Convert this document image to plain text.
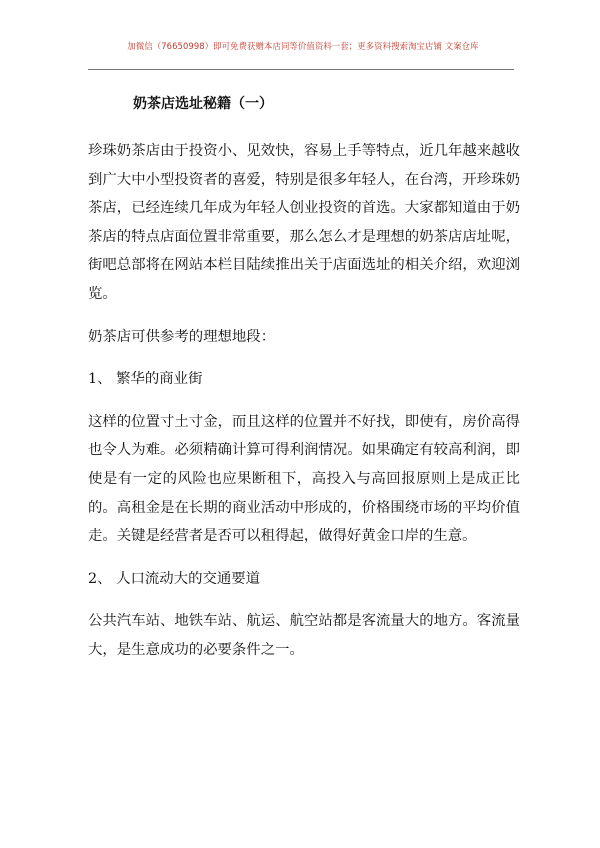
加微信（76650998）即可免费获赠本店同等价值资料一套；更多资料搜索淘宝店铺 文案仓库
奶茶店选址秘籍（一）

珍珠奶茶店由于投资小、见效快，容易上手等特点，近几年越来越收到广大中小型投资者的喜爱，特别是很多年轻人，在台湾，开珍珠奶茶店，已经连续几年成为年轻人创业投资的首选。大家都知道由于奶茶店的特点店面位置非常重要，那么怎么才是理想的奶茶店店址呢，街吧总部将在网站本栏目陆续推出关于店面选址的相关介绍，欢迎浏览。

奶茶店可供参考的理想地段：

1、 繁华的商业街

这样的位置寸土寸金，而且这样的位置并不好找，即使有，房价高得也令人为难。必须精确计算可得利润情况。如果确定有较高利润，即使是有一定的风险也应果断租下，高投入与高回报原则上是成正比的。高租金是在长期的商业活动中形成的，价格围绕市场的平均价值走。关键是经营者是否可以租得起，做得好黄金口岸的生意。

2、 人口流动大的交通要道

公共汽车站、地铁车站、航运、航空站都是客流量大的地方。客流量大，是生意成功的必要条件之一。
